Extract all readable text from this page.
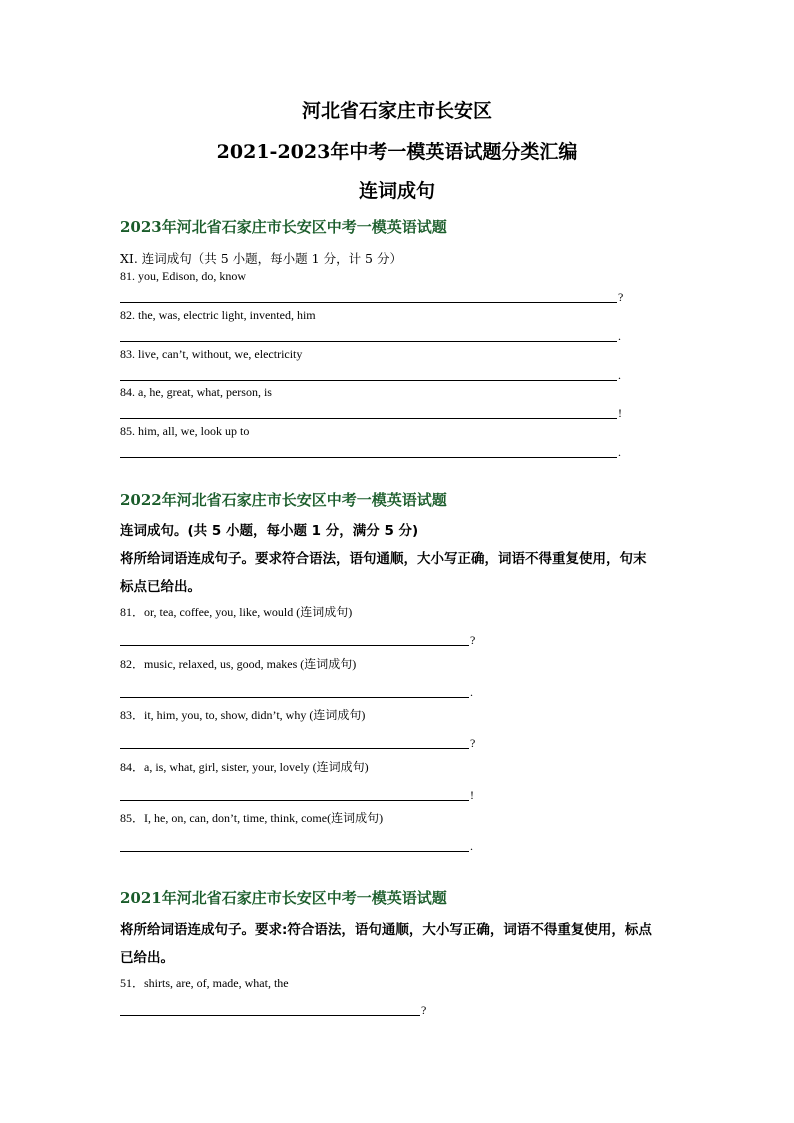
河北省石家庄市长安区
2021-2023年中考一模英语试题分类汇编
连词成句
2023年河北省石家庄市长安区中考一模英语试题
XI. 连词成句（共 5 小题，每小题 1 分，计 5 分）
81. you, Edison, do, know
?
82. the, was, electric light, invented, him
.
83. live, can’t, without, we, electricity
.
84. a, he, great, what, person, is
!
85. him, all, we, look up to
.
2022年河北省石家庄市长安区中考一模英语试题
连词成句。(共 5 小题，每小题 1 分，满分 5 分)
将所给词语连成句子。要求符合语法，语句通顺，大小写正确，词语不得重复使用，句末
标点已给出。
81．or, tea, coffee, you, like, would (连词成句)
?
82．music, relaxed, us, good, makes (连词成句)
.
83．it, him, you, to, show, didn’t, why (连词成句)
?
84．a, is, what, girl, sister, your, lovely (连词成句)
!
85．I, he, on, can, don’t, time, think, come(连词成句)
.
2021年河北省石家庄市长安区中考一模英语试题
将所给词语连成句子。要求:符合语法，语句通顺，大小写正确，词语不得重复使用，标点
已给出。
51．shirts, are, of, made, what, the
?
